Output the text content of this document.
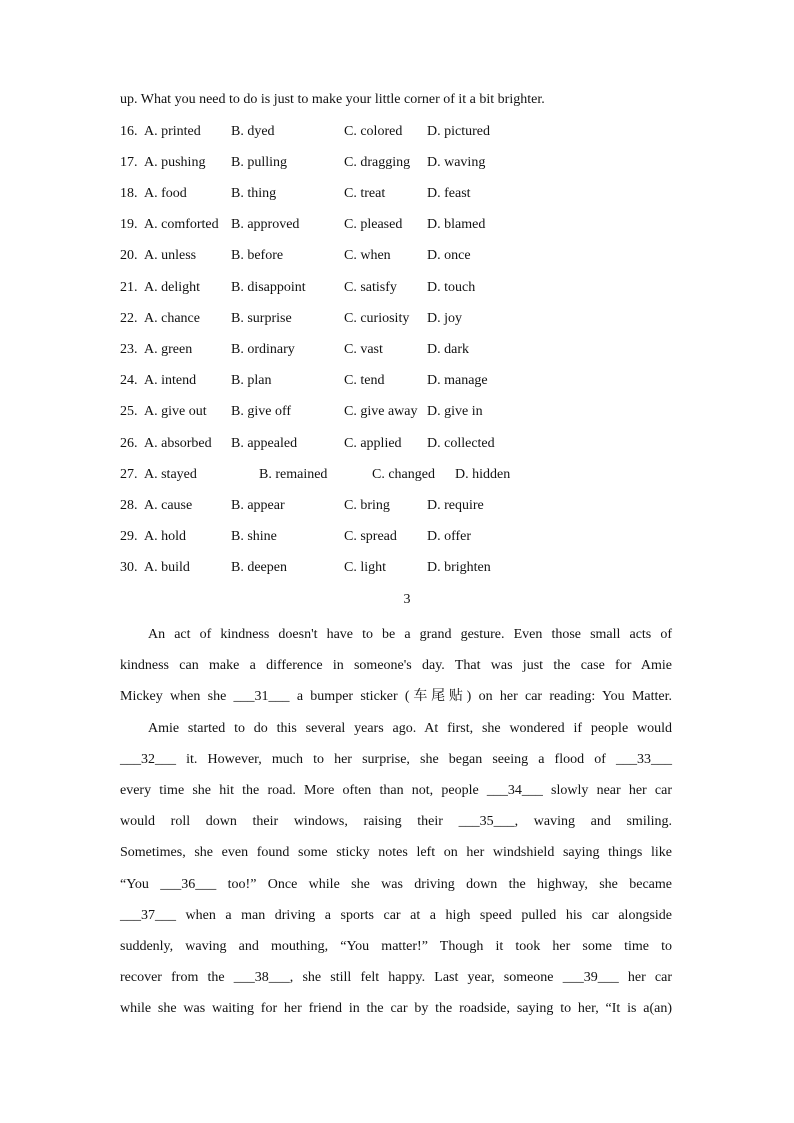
up. What you need to do is just to make your little corner of it a bit brighter.
16. A. printed B. dyed	C. colored D. pictured
17. A. pushing B. pulling	C. dragging D. waving
18. A. food	B. thing	C. treat	D. feast
19. A. comforted B. approved	C. pleased D. blamed
20. A. unless B. before	C. when	D. once
21. A. delight B. disappoint	C. satisfy D. touch
22. A. chance B. surprise	C. curiosity D. joy
23. A. green	B. ordinary	C. vast	D. dark
24. A. intend B. plan	C. tend	D. manage
25. A. give out B. give off	C. give away D. give in
26. A. absorbed B. appealed	C. applied D. collected
27. A. stayed	B. remained	C. changed D. hidden
28. A. cause	B. appear	C. bring	D. require
29. A. hold	B. shine	C. spread D. offer
30. A. build	B. deepen	C. light	D. brighten
3

An act of kindness doesn't have to be a grand gesture. Even those small acts of

kindness can make a difference in someone's day. That was just the case for Amie

Mickey when she ___31___ a bumper sticker (车尾贴) on her car reading: You Matter.

Amie started to do this several years ago. At first, she wondered if people would

___32___ it. However, much to her surprise, she began seeing a flood of ___33___

every time she hit the road. More often than not, people ___34___ slowly near her car

would roll down their windows, raising their ___35___, waving and smiling.

Sometimes, she even found some sticky notes left on her windshield saying things like

“You ___36___ too!” Once while she was driving down the highway, she became

___37___ when a man driving a sports car at a high speed pulled his car alongside

suddenly, waving and mouthing, “You matter!” Though it took her some time to

recover from the ___38___, she still felt happy. Last year, someone ___39___ her car

while she was waiting for her friend in the car by the roadside, saying to her, “It is a(an)
